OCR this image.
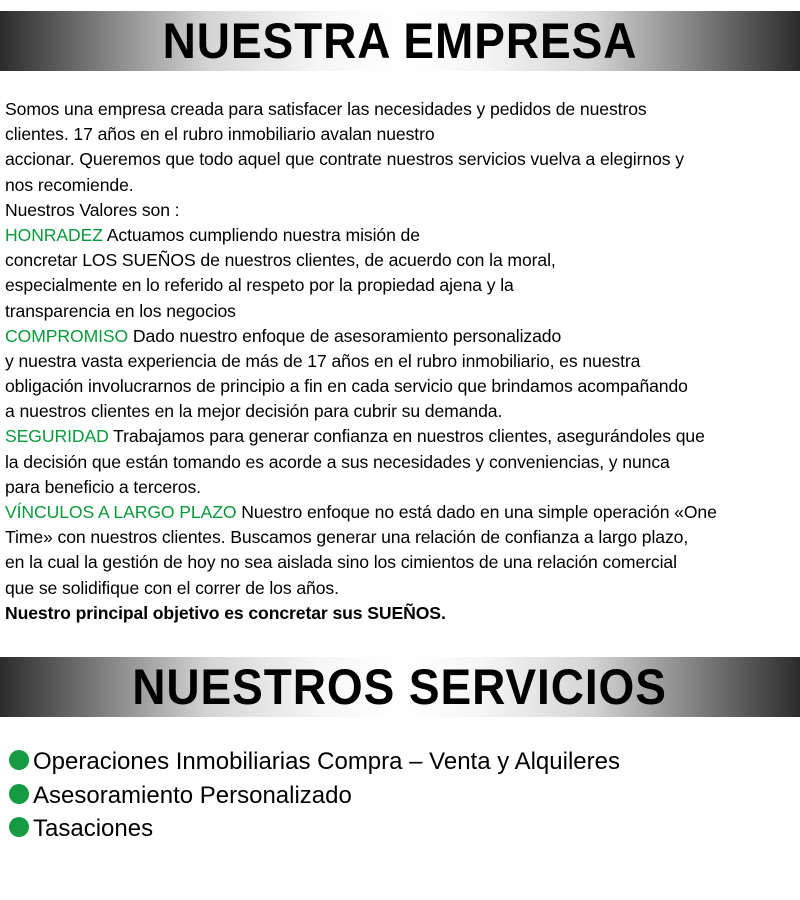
NUESTRA EMPRESA
Somos una empresa creada para satisfacer las necesidades y pedidos de nuestros
clientes. 17 años en el rubro inmobiliario avalan nuestro
accionar. Queremos que todo aquel que contrate nuestros servicios vuelva a elegirnos y
nos recomiende.
Nuestros Valores son :
HONRADEZ Actuamos cumpliendo nuestra misión de
concretar LOS SUEÑOS de nuestros clientes, de acuerdo con la moral,
especialmente en lo referido al respeto por la propiedad ajena y la
transparencia en los negocios
COMPROMISO Dado nuestro enfoque de asesoramiento personalizado
y nuestra vasta experiencia de más de 17 años en el rubro inmobiliario, es nuestra
obligación involucrarnos de principio a fin en cada servicio que brindamos acompañando
a nuestros clientes en la mejor decisión para cubrir su demanda.
SEGURIDAD Trabajamos para generar confianza en nuestros clientes, asegurándoles que
la decisión que están tomando es acorde a sus necesidades y conveniencias, y nunca
para beneficio a terceros.
VÍNCULOS A LARGO PLAZO Nuestro enfoque no está dado en una simple operación «One
Time» con nuestros clientes. Buscamos generar una relación de confianza a largo plazo,
en la cual la gestión de hoy no sea aislada sino los cimientos de una relación comercial
que se solidifique con el correr de los años.
Nuestro principal objetivo es concretar sus SUEÑOS.
NUESTROS SERVICIOS
Operaciones Inmobiliarias Compra – Venta y Alquileres
Asesoramiento Personalizado
Tasaciones
